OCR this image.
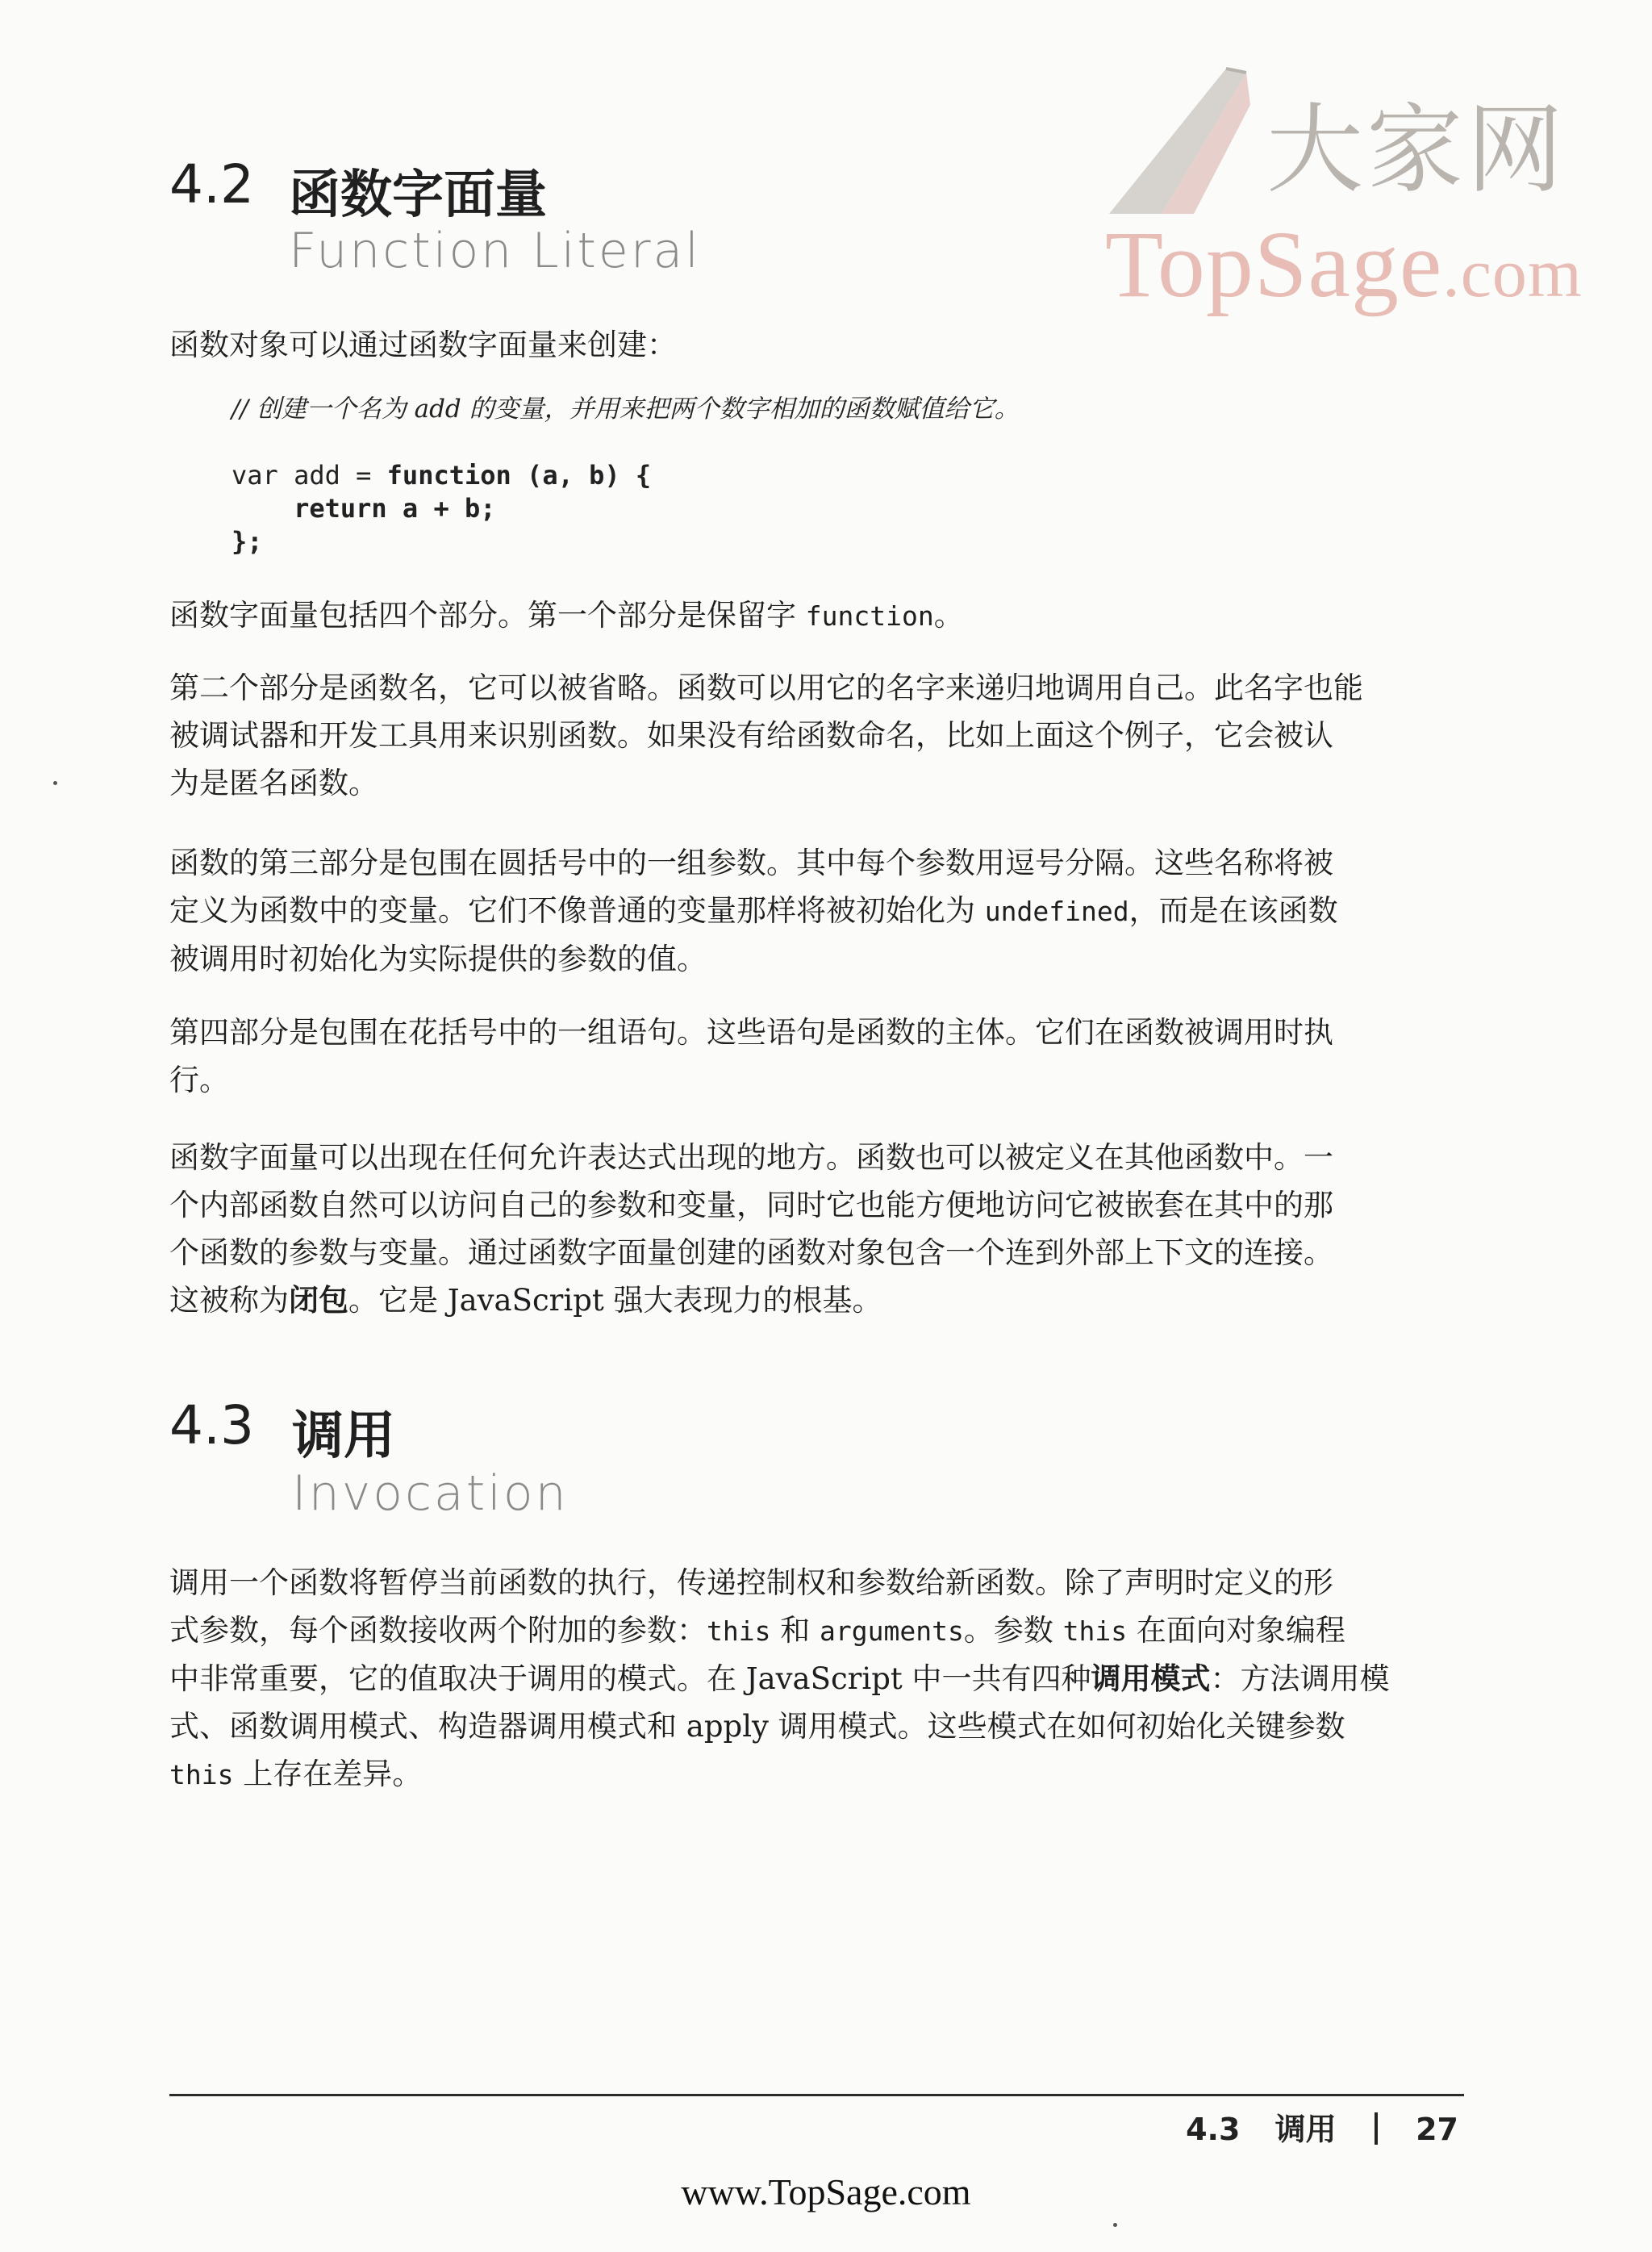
大家网
TopSage.com
4.2 函数字面量
Function Literal
函数对象可以通过函数字面量来创建：
// 创建一个名为 add 的变量，并用来把两个数字相加的函数赋值给它。
var add = function (a, b) {
return a + b;
};
函数字面量包括四个部分。第一个部分是保留字 function。
第二个部分是函数名，它可以被省略。函数可以用它的名字来递归地调用自己。此名字也能
被调试器和开发工具用来识别函数。如果没有给函数命名，比如上面这个例子，它会被认
为是匿名函数。
函数的第三部分是包围在圆括号中的一组参数。其中每个参数用逗号分隔。这些名称将被
定义为函数中的变量。它们不像普通的变量那样将被初始化为 undefined，而是在该函数
被调用时初始化为实际提供的参数的值。
第四部分是包围在花括号中的一组语句。这些语句是函数的主体。它们在函数被调用时执
行。
函数字面量可以出现在任何允许表达式出现的地方。函数也可以被定义在其他函数中。一
个内部函数自然可以访问自己的参数和变量，同时它也能方便地访问它被嵌套在其中的那
个函数的参数与变量。通过函数字面量创建的函数对象包含一个连到外部上下文的连接。
这被称为闭包。它是 JavaScript 强大表现力的根基。
4.3 调用
Invocation
调用一个函数将暂停当前函数的执行，传递控制权和参数给新函数。除了声明时定义的形
式参数，每个函数接收两个附加的参数：this 和 arguments。参数 this 在面向对象编程
中非常重要，它的值取决于调用的模式。在 JavaScript 中一共有四种调用模式：方法调用模
式、函数调用模式、构造器调用模式和 apply 调用模式。这些模式在如何初始化关键参数
this 上存在差异。
4.3 调用	27
www.TopSage.com
